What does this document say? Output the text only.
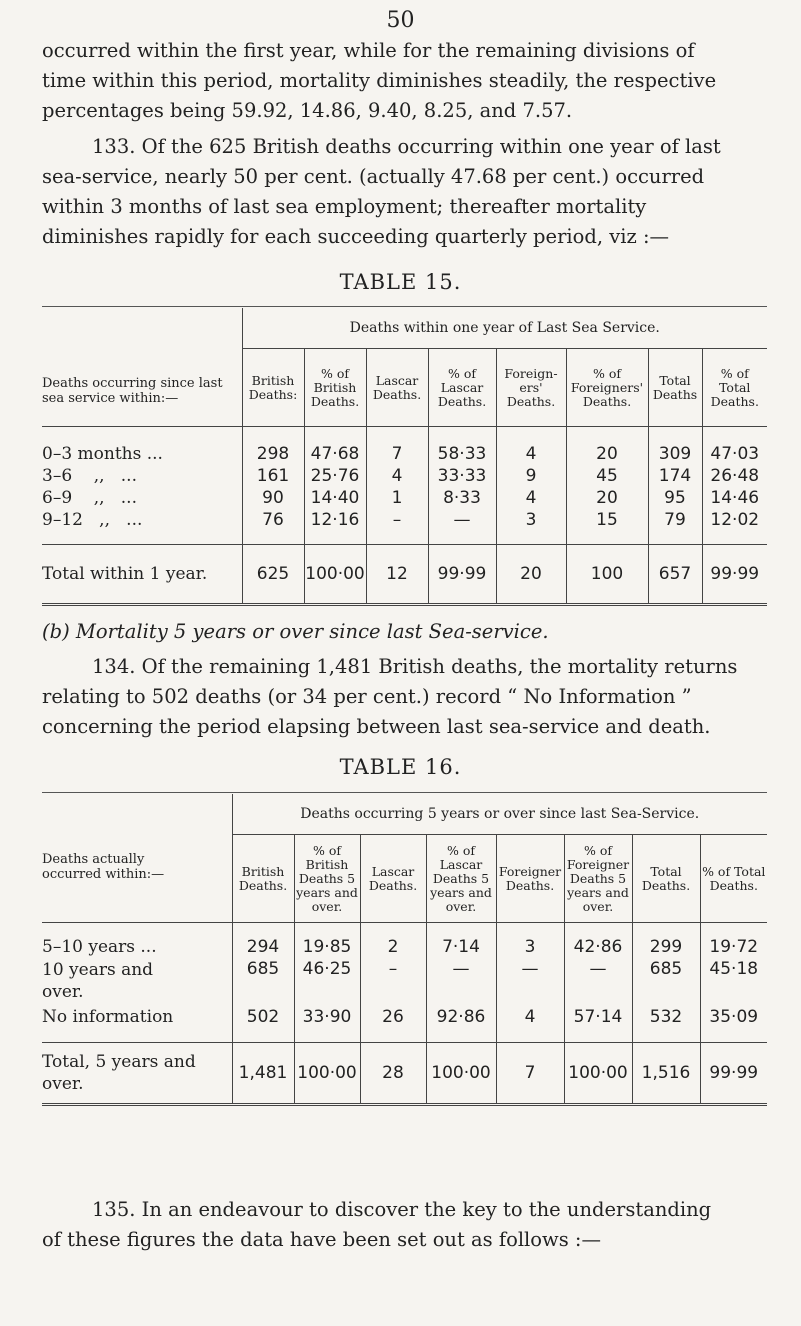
50
occurred within the first year, while for the remaining divisions of
time within this period, mortality diminishes steadily, the respective
percentages being 59.92, 14.86, 9.40, 8.25, and 7.57.
133. Of the 625 British deaths occurring within one year of last
sea-service, nearly 50 per cent. (actually 47.68 per cent.) occurred
within 3 months of last sea employment; thereafter mortality
diminishes rapidly for each succeeding quarterly period, viz :—
TABLE 15.
Deaths occurring since last sea service within:—	Deaths within one year of Last Sea Service.							
	British Deaths:	% of British Deaths.	Lascar Deaths.	% of Lascar Deaths.	Foreign-ers' Deaths.	% of Foreigners' Deaths.	Total Deaths	% of Total Deaths.

0–3 months ...	298	47·68	7	58·33	4	20	309	47·03
3–6    ,,   ...	161	25·76	4	33·33	9	45	174	26·48
6–9    ,,   ...	90	14·40	1	8·33	4	20	95	14·46
9–12   ,,   ...	76	12·16	–	—	3	15	79	12·02

Total within 1 year.	625	100·00	12	99·99	20	100	657	99·99
(b) Mortality 5 years or over since last Sea-service.
134. Of the remaining 1,481 British deaths, the mortality returns
relating to 502 deaths (or 34 per cent.) record “ No Information ”
concerning the period elapsing between last sea-service and death.
TABLE 16.
Deaths actually occurred within:—	Deaths occurring 5 years or over since last Sea-Service.							
	British Deaths.	% of British Deaths 5 years and over.	Lascar Deaths.	% of Lascar Deaths 5 years and over.	Foreigner Deaths.	% of Foreigner Deaths 5 years and over.	Total Deaths.	% of Total Deaths.

5–10 years ...	294	19·85	2	7·14	3	42·86	299	19·72
10 years and over.	685	46·25	–	—	—	—	685	45·18
No information	502	33·90	26	92·86	4	57·14	532	35·09

Total, 5 years and over.	1,481	100·00	28	100·00	7	100·00	1,516	99·99
135. In an endeavour to discover the key to the understanding
of these figures the data have been set out as follows :—
